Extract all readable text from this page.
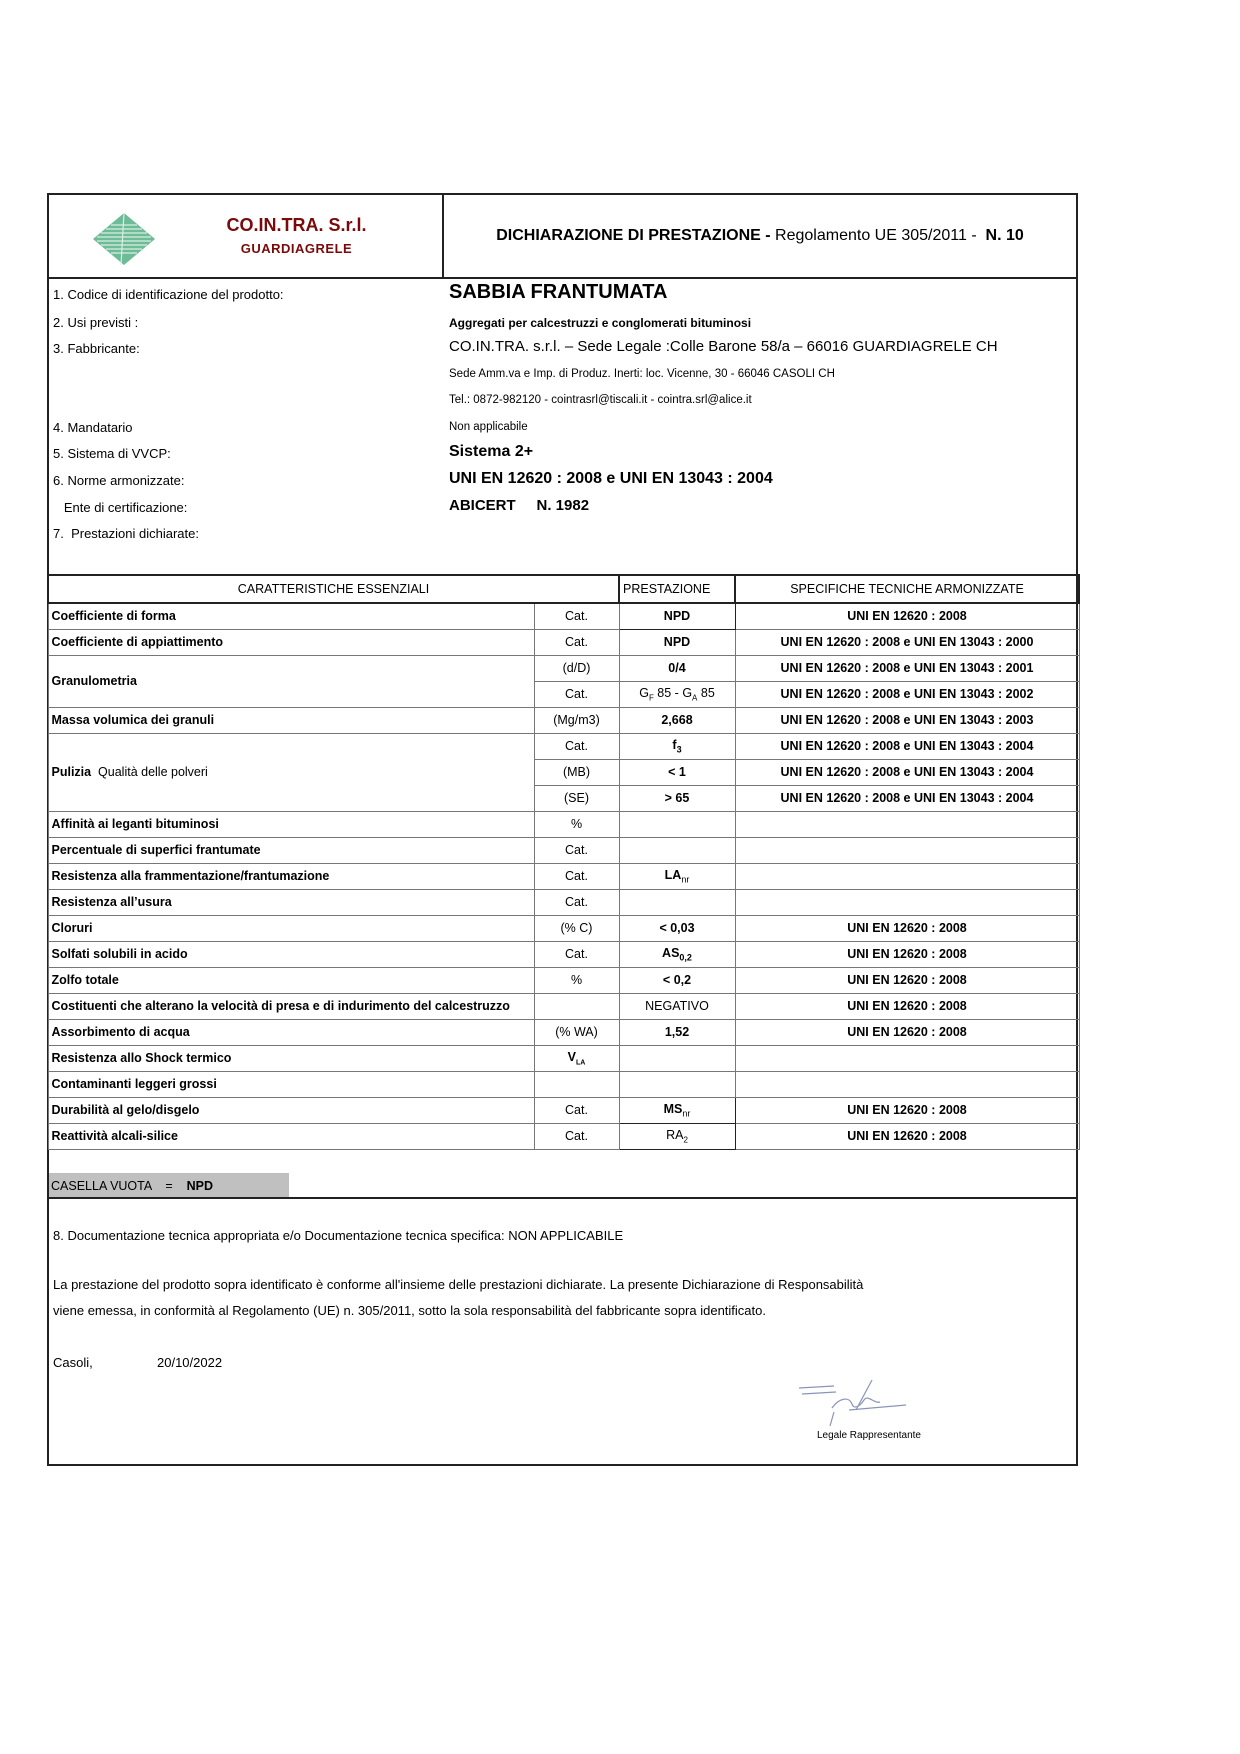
CO.IN.TRA. S.r.l.
GUARDIAGRELE
DICHIARAZIONE DI PRESTAZIONE - Regolamento UE 305/2011 - N. 10
1. Codice di identificazione del prodotto:	SABBIA FRANTUMATA
2. Usi previsti :	Aggregati per calcestruzzi e conglomerati bituminosi
3. Fabbricante:	CO.IN.TRA. s.r.l. – Sede Legale :Colle Barone 58/a – 66016 GUARDIAGRELE CH
Sede Amm.va e Imp. di Produz. Inerti: loc. Vicenne, 30 - 66046 CASOLI CH
Tel.: 0872-982120 - cointrasrl@tiscali.it - cointra.srl@alice.it
4. Mandatario	Non applicabile
5. Sistema di VVCP:	Sistema 2+
6. Norme armonizzate:	UNI EN 12620 : 2008 e UNI EN 13043 : 2004
Ente di certificazione:	ABICERT     N. 1982
7.  Prestazioni dichiarate:
CARATTERISTICHE ESSENZIALI		PRESTAZIONE	SPECIFICHE TECNICHE ARMONIZZATE
Coefficiente di forma	Cat.	NPD	UNI EN 12620 : 2008
Coefficiente di appiattimento	Cat.	NPD	UNI EN 12620 : 2008 e UNI EN 13043 : 2000
Granulometria	(d/D)	0/4	UNI EN 12620 : 2008 e UNI EN 13043 : 2001
	Cat.	$G_F$ $85 - G_A$ 85	UNI EN 12620 : 2008 e UNI EN 13043 : 2002
Massa volumica dei granuli	(Mg/m3)	2,668	UNI EN 12620 : 2008 e UNI EN 13043 : 2003
Pulizia  Qualità delle polveri	Cat.	$f_3$	UNI EN 12620 : 2008 e UNI EN 13043 : 2004
	(MB)	< 1	UNI EN 12620 : 2008 e UNI EN 13043 : 2004
	(SE)	> 65	UNI EN 12620 : 2008 e UNI EN 13043 : 2004
Affinità ai leganti bituminosi	%		
Percentuale di superfici frantumate	Cat.		
Resistenza alla frammentazione/frantumazione	Cat.	$LA_{nr}$	
Resistenza all’usura	Cat.		
Cloruri	(% C)	< 0,03	UNI EN 12620 : 2008
Solfati solubili in acido	Cat.	$AS_{0,2}$	UNI EN 12620 : 2008
Zolfo totale	%	< 0,2	UNI EN 12620 : 2008
Costituenti che alterano la velocità di presa e di indurimento del calcestruzzo		NEGATIVO	UNI EN 12620 : 2008
Assorbimento di acqua	(% WA)	1,52	UNI EN 12620 : 2008
Resistenza allo Shock termico	$V_{LA}$		
Contaminanti leggeri grossi			
Durabilità al gelo/disgelo	Cat.	$MS_{nr}$	UNI EN 12620 : 2008
Reattività alcali-silice	Cat.	$RA_2$	UNI EN 12620 : 2008
CASELLA VUOTA    =    NPD
8. Documentazione tecnica appropriata e/o Documentazione tecnica specifica: NON APPLICABILE
La prestazione del prodotto sopra identificato è conforme all'insieme delle prestazioni dichiarate. La presente Dichiarazione di Responsabilità
viene emessa, in conformità al Regolamento (UE) n. 305/2011, sotto la sola responsabilità del fabbricante sopra identificato.
Casoli,	20/10/2022
Legale Rappresentante
